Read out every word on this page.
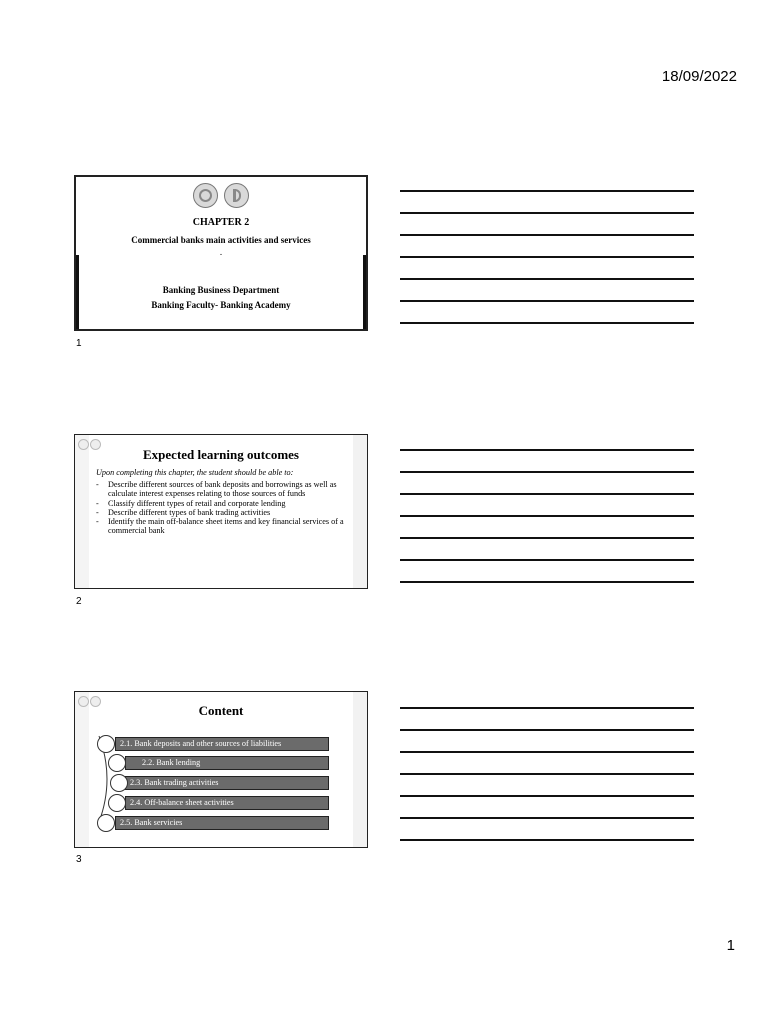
18/09/2022

CHAPTER 2
Commercial banks main activities and services
.
Banking Business Department
Banking Faculty- Banking Academy
1
Expected learning outcomes
Upon completing this chapter, the student should be able to:
- Describe different sources of bank deposits and borrowings as well as calculate interest expenses relating to those sources of funds
- Classify different types of retail and corporate lending
- Describe different types of bank trading activities
- Identify the main off-balance sheet items and key financial services of a commercial bank
2
Content
2.1. Bank deposits and other sources of liabilities
2.2. Bank lending
2.3. Bank trading activities
2.4. Off-balance sheet activities
2.5. Bank servicies
3
1
